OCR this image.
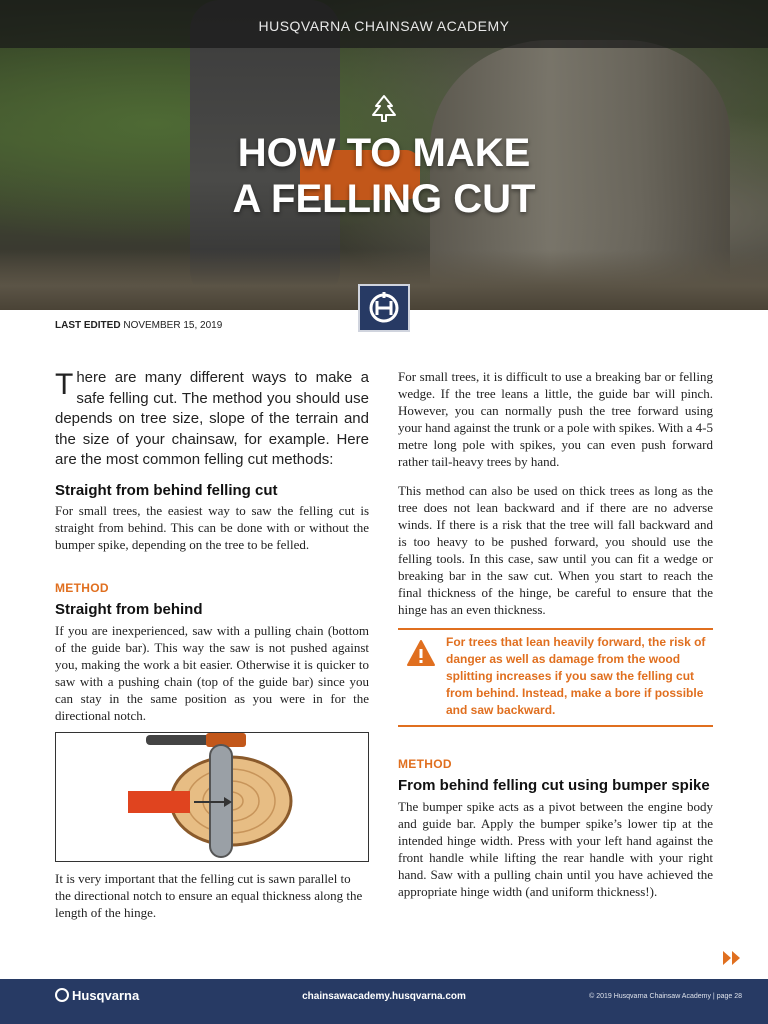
HUSQVARNA CHAINSAW ACADEMY
HOW TO MAKE
A FELLING CUT
LAST EDITED NOVEMBER 15, 2019
There are many different ways to make a safe felling cut. The method you should use depends on tree size, slope of the terrain and the size of your chainsaw, for example. Here are the most common felling cut methods:
Straight from behind felling cut

For small trees, the easiest way to saw the felling cut is straight from behind. This can be done with or without the bumper spike, depending on the tree to be felled.

METHOD
Straight from behind

If you are inexperienced, saw with a pulling chain (bottom of the guide bar). This way the saw is not pushed against you, making the work a bit easier. Otherwise it is quicker to saw with a pushing chain (top of the guide bar) since you can stay in the same position as you were in for the directional notch.

It is very important that the felling cut is sawn parallel to the directional notch to ensure an equal thickness along the length of the hinge.

For small trees, it is difficult to use a breaking bar or felling wedge. If the tree leans a little, the guide bar will pinch. However, you can normally push the tree forward using your hand against the trunk or a pole with spikes. With a 4-5 metre long pole with spikes, you can even push forward rather tail-heavy trees by hand.

This method can also be used on thick trees as long as the tree does not lean backward and if there are no adverse winds. If there is a risk that the tree will fall backward and is too heavy to be pushed forward, you should use the felling tools. In this case, saw until you can fit a wedge or breaking bar in the saw cut. When you start to reach the final thickness of the hinge, be careful to ensure that the hinge has an even thickness.

For trees that lean heavily forward, the risk of danger as well as damage from the wood splitting increases if you saw the felling cut from behind. Instead, make a bore if possible and saw backward.
METHOD
From behind felling cut using bumper spike

The bumper spike acts as a pivot between the engine body and guide bar. Apply the bumper spike’s lower tip at the intended hinge width. Press with your left hand against the front handle while lifting the rear handle with your right hand. Saw with a pulling chain until you have achieved the appropriate hinge width (and uniform thickness!).

Husqvarna	chainsawacademy.husqvarna.com	© 2019 Husqvarna Chainsaw Academy | page 28
